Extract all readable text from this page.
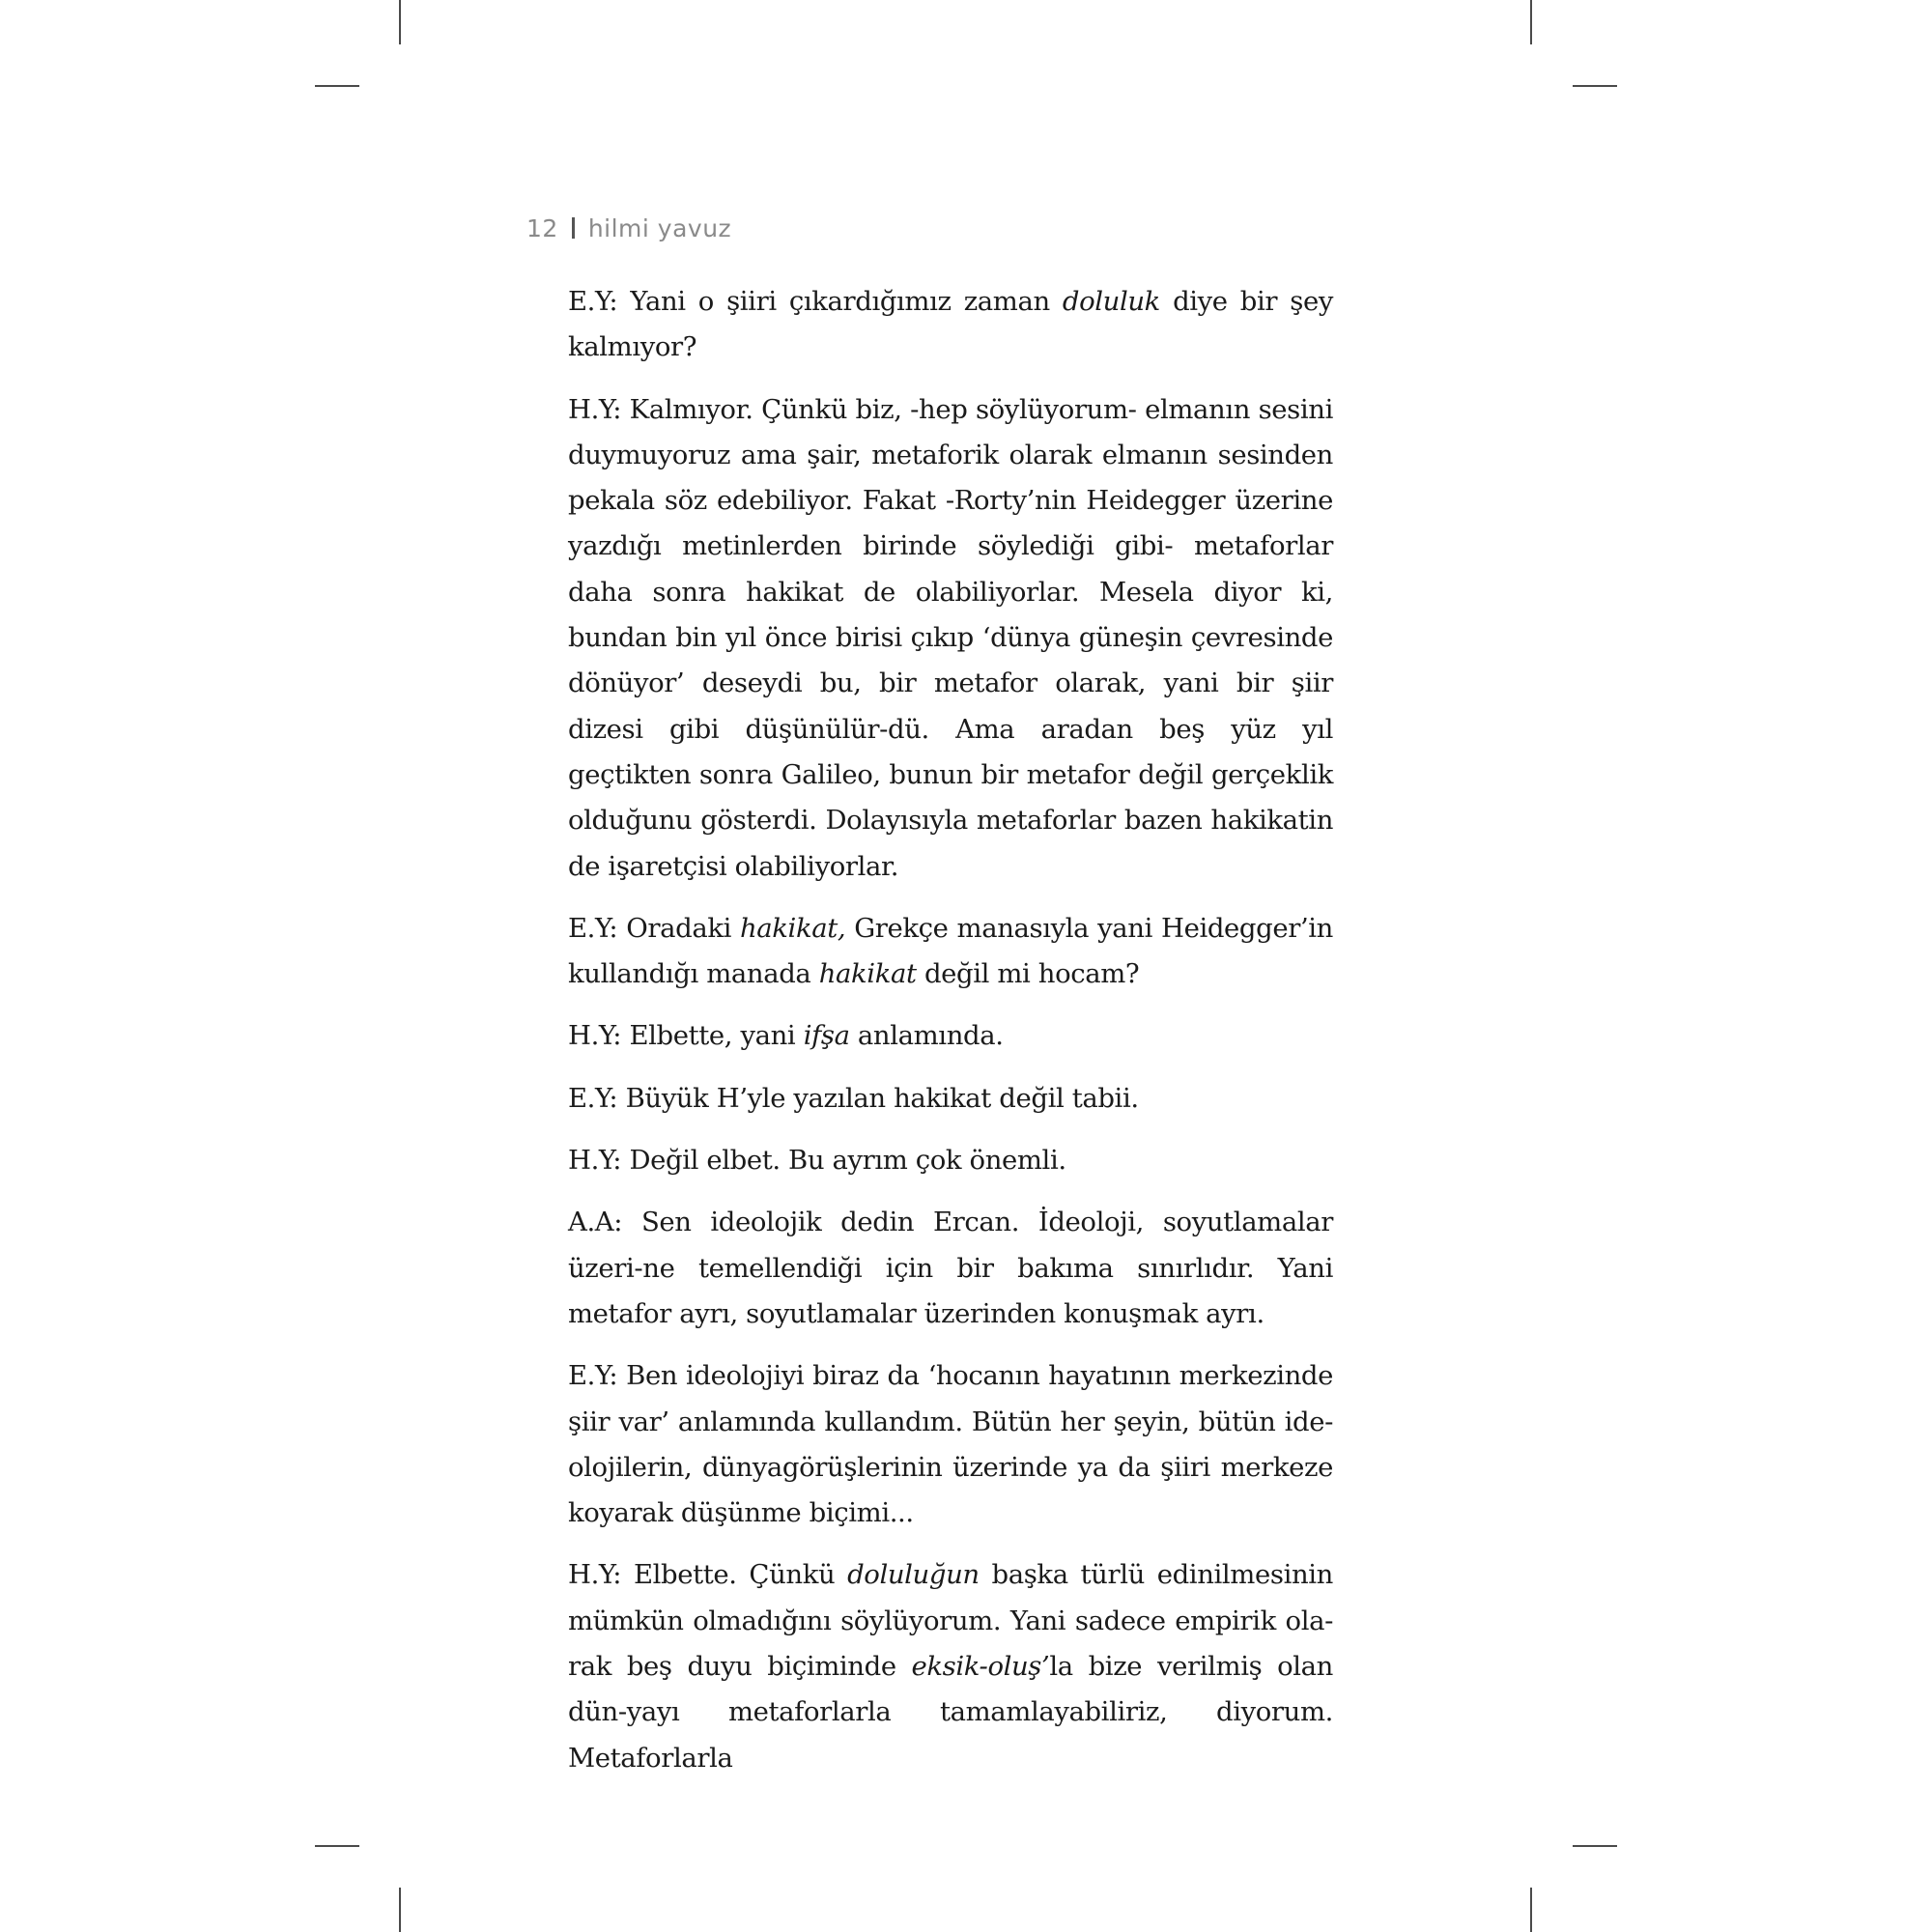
12 hilmi yavuz

E.Y: Yani o şiiri çıkardığımız zaman doluluk diye bir şey kalmıyor?

H.Y: Kalmıyor. Çünkü biz, -hep söylüyorum- elmanın sesini duymuyoruz ama şair, metaforik olarak elmanın sesinden pekala söz edebiliyor. Fakat -Rorty’nin Heidegger üzerine yazdığı metinlerden birinde söylediği gibi- metaforlar daha sonra hakikat de olabiliyorlar. Mesela diyor ki, bundan bin yıl önce birisi çıkıp ‘dünya güneşin çevresinde dönüyor’ deseydi bu, bir metafor olarak, yani bir şiir dizesi gibi düşünülür-dü. Ama aradan beş yüz yıl geçtikten sonra Galileo, bunun bir metafor değil gerçeklik olduğunu gösterdi. Dolayısıyla metaforlar bazen hakikatin de işaretçisi olabiliyorlar.

E.Y: Oradaki hakikat, Grekçe manasıyla yani Heidegger’in kullandığı manada hakikat değil mi hocam?

H.Y: Elbette, yani ifşa anlamında.

E.Y: Büyük H’yle yazılan hakikat değil tabii.

H.Y: Değil elbet. Bu ayrım çok önemli.

A.A: Sen ideolojik dedin Ercan. İdeoloji, soyutlamalar üzeri-ne temellendiği için bir bakıma sınırlıdır. Yani metafor ayrı, soyutlamalar üzerinden konuşmak ayrı.

E.Y: Ben ideolojiyi biraz da ‘hocanın hayatının merkezinde şiir var’ anlamında kullandım. Bütün her şeyin, bütün ide-olojilerin, dünyagörüşlerinin üzerinde ya da şiiri merkeze koyarak düşünme biçimi...

H.Y: Elbette. Çünkü doluluğun başka türlü edinilmesinin mümkün olmadığını söylüyorum. Yani sadece empirik ola-rak beş duyu biçiminde eksik-oluş’la bize verilmiş olan dün-yayı metaforlarla tamamlayabiliriz, diyorum. Metaforlarla
